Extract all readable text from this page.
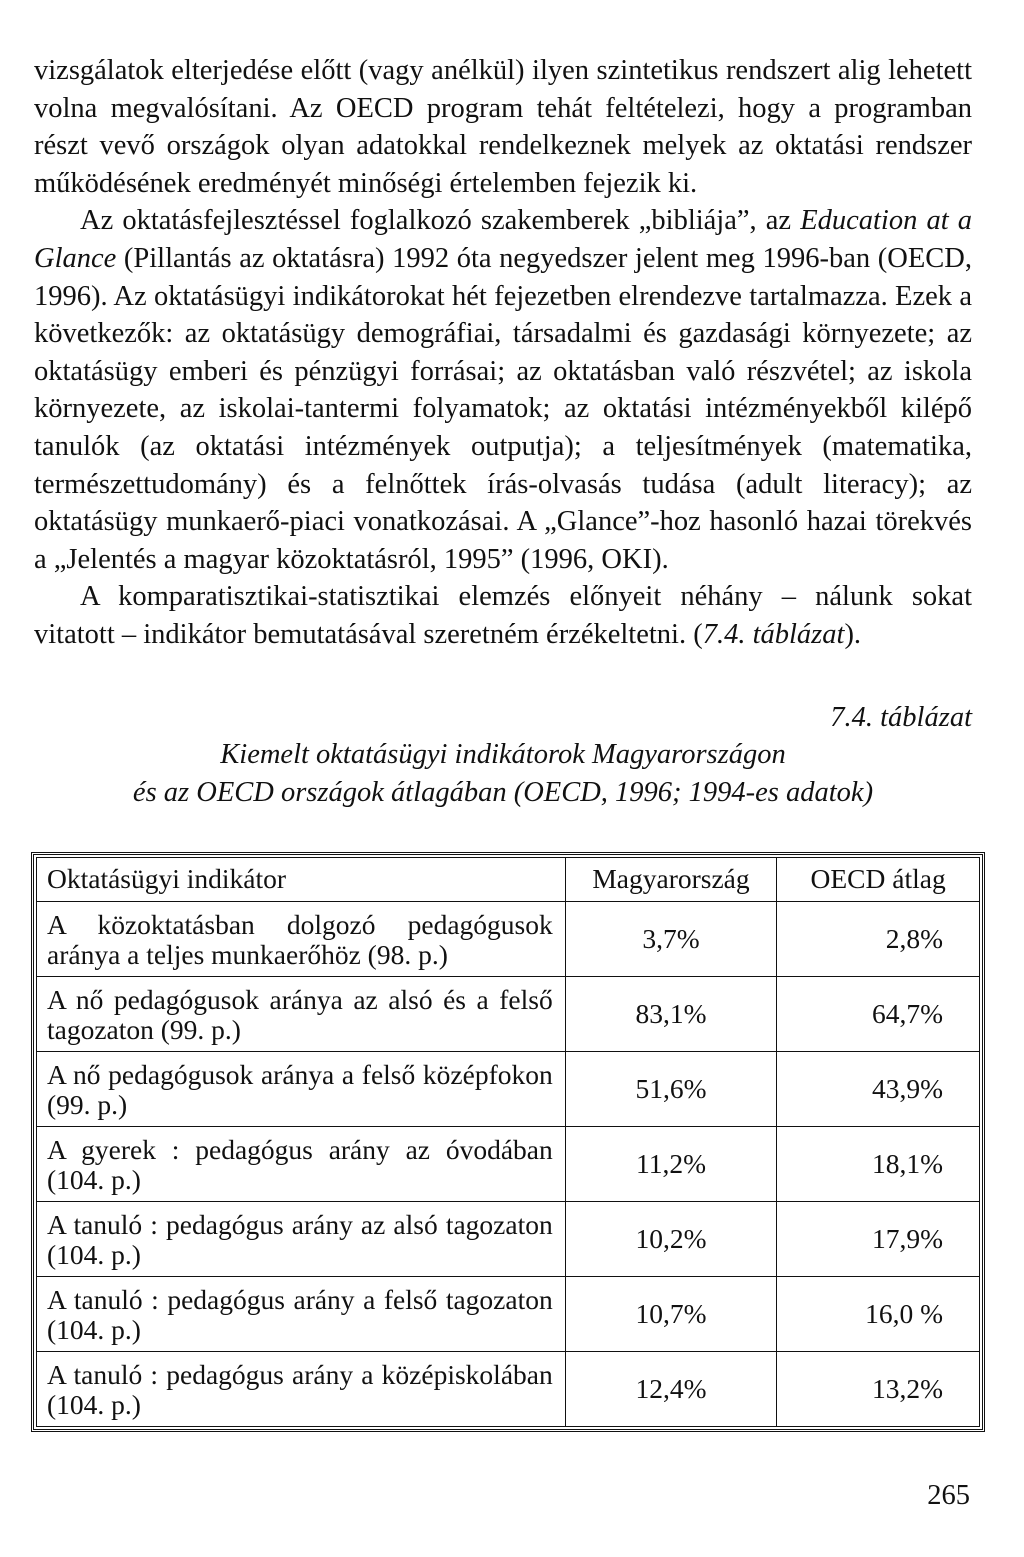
vizsgálatok elterjedése előtt (vagy anélkül) ilyen szintetikus rendszert alig lehetett volna megvalósítani. Az OECD program tehát feltételezi, hogy a programban részt vevő országok olyan adatokkal rendelkeznek melyek az oktatási rendszer működésének eredményét minőségi értelemben fejezik ki.

Az oktatásfejlesztéssel foglalkozó szakemberek „bibliája”, az Education at a Glance (Pillantás az oktatásra) 1992 óta negyedszer jelent meg 1996-ban (OECD, 1996). Az oktatásügyi indikátorokat hét fejezetben elrendezve tartalmazza. Ezek a következők: az oktatásügy demográfiai, társadalmi és gazdasági környezete; az oktatásügy emberi és pénzügyi forrásai; az oktatásban való részvétel; az iskola környezete, az iskolai-tantermi folyamatok; az oktatási intézményekből kilépő tanulók (az oktatási intézmények outputja); a teljesítmények (matematika, természettudomány) és a felnőttek írás-olvasás tudása (adult literacy); az oktatásügy munkaerő-piaci vonatkozásai. A „Glance”-hoz hasonló hazai törekvés a „Jelentés a magyar közoktatásról, 1995” (1996, OKI).

A komparatisztikai-statisztikai elemzés előnyeit néhány – nálunk sokat vitatott – indikátor bemutatásával szeretném érzékeltetni. (7.4. táblázat).

7.4. táblázat
Kiemelt oktatásügyi indikátorok Magyarországon
és az OECD országok átlagában (OECD, 1996; 1994-es adatok)
Oktatásügyi indikátor	Magyarország	OECD átlag
A közoktatásban dolgozó pedagógusok aránya a teljes munkaerőhöz (98. p.)	3,7%	2,8%
A nő pedagógusok aránya az alsó és a felső tagozaton (99. p.)	83,1%	64,7%
A nő pedagógusok aránya a felső középfokon (99. p.)	51,6%	43,9%
A gyerek : pedagógus arány az óvodában (104. p.)	11,2%	18,1%
A tanuló : pedagógus arány az alsó tagozaton (104. p.)	10,2%	17,9%
A tanuló : pedagógus arány a felső tagozaton (104. p.)	10,7%	16,0 %
A tanuló : pedagógus arány a középiskolában (104. p.)	12,4%	13,2%
265
